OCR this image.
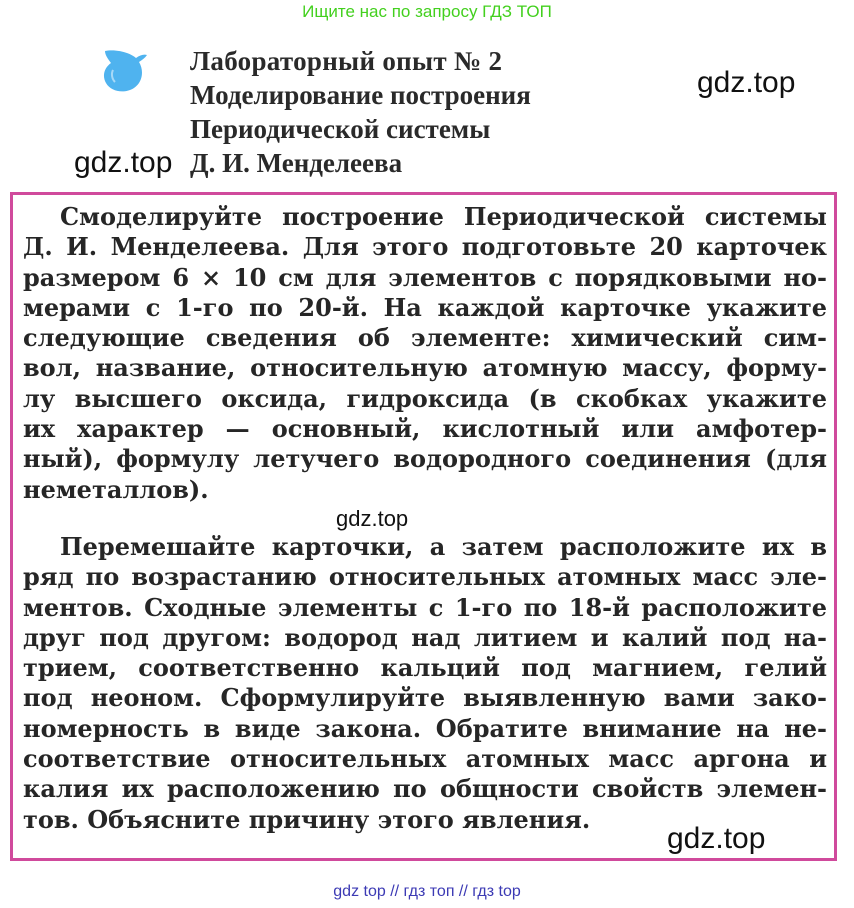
Ищите нас по запросу ГДЗ ТОП
Лабораторный опыт № 2
Моделирование построения
Периодической системы
Д. И. Менделеева
gdz.top
gdz.top
Смоделируйте построение Периодической системы
Д. И. Менделеева. Для этого подготовьте 20 карточек
размером 6 × 10 см для элементов с порядковыми но-
мерами с 1-го по 20-й. На каждой карточке укажите
следующие сведения об элементе: химический сим-
вол, название, относительную атомную массу, форму-
лу высшего оксида, гидроксида (в скобках укажите
их характер — основный, кислотный или амфотер-
ный), формулу летучего водородного соединения (для
неметаллов).
gdz.top
Перемешайте карточки, а затем расположите их в
ряд по возрастанию относительных атомных масс эле-
ментов. Сходные элементы с 1-го по 18-й расположите
друг под другом: водород над литием и калий под на-
трием, соответственно кальций под магнием, гелий
под неоном. Сформулируйте выявленную вами зако-
номерность в виде закона. Обратите внимание на не-
соответствие относительных атомных масс аргона и
калия их расположению по общности свойств элемен-
тов. Объясните причину этого явления.
gdz.top
gdz top // гдз топ // гдз top
